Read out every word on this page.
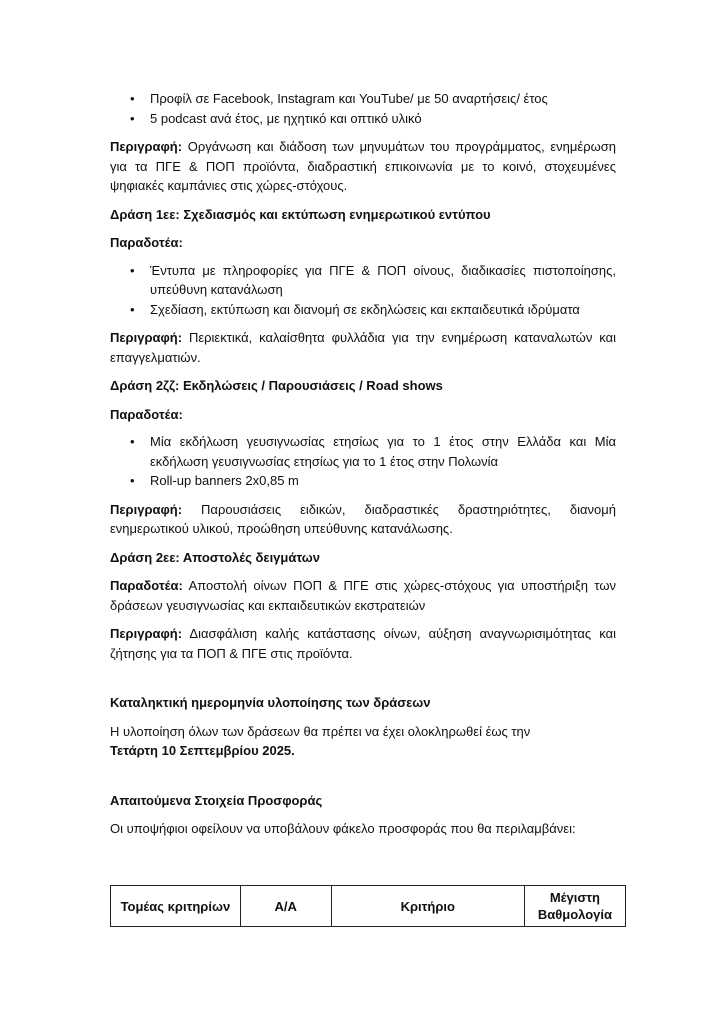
• Προφίλ σε Facebook, Instagram και YouTube/ με 50 αναρτήσεις/ έτος
• 5 podcast ανά έτος, με ηχητικό και οπτικό υλικό

Περιγραφή: Οργάνωση και διάδοση των μηνυμάτων του προγράμματος, ενημέρωση για τα ΠΓΕ & ΠΟΠ προϊόντα, διαδραστική επικοινωνία με το κοινό, στοχευμένες ψηφιακές καμπάνιες στις χώρες-στόχους.

Δράση 1εε: Σχεδιασμός και εκτύπωση ενημερωτικού εντύπου

Παραδοτέα:

• Έντυπα με πληροφορίες για ΠΓΕ & ΠΟΠ οίνους, διαδικασίες πιστοποίησης, υπεύθυνη κατανάλωση
• Σχεδίαση, εκτύπωση και διανομή σε εκδηλώσεις και εκπαιδευτικά ιδρύματα

Περιγραφή: Περιεκτικά, καλαίσθητα φυλλάδια για την ενημέρωση καταναλωτών και επαγγελματιών.

Δράση 2ζζ: Εκδηλώσεις / Παρουσιάσεις / Road shows

Παραδοτέα:

• Μία εκδήλωση γευσιγνωσίας ετησίως για το 1 έτος στην Ελλάδα και Μία εκδήλωση γευσιγνωσίας ετησίως για το 1 έτος στην Πολωνία
• Roll-up banners 2x0,85 m

Περιγραφή: Παρουσιάσεις ειδικών, διαδραστικές δραστηριότητες, διανομή ενημερωτικού υλικού, προώθηση υπεύθυνης κατανάλωσης.

Δράση 2εε: Αποστολές δειγμάτων

Παραδοτέα: Αποστολή οίνων ΠΟΠ & ΠΓΕ στις χώρες-στόχους για υποστήριξη των δράσεων γευσιγνωσίας και εκπαιδευτικών εκστρατειών

Περιγραφή: Διασφάλιση καλής κατάστασης οίνων, αύξηση αναγνωρισιμότητας και ζήτησης για τα ΠΟΠ & ΠΓΕ στις προϊόντα.

Καταληκτική ημερομηνία υλοποίησης των δράσεων

Η υλοποίηση όλων των δράσεων θα πρέπει να έχει ολοκληρωθεί έως την

Τετάρτη 10 Σεπτεμβρίου 2025.

Απαιτούμενα Στοιχεία Προσφοράς

Οι υποψήφιοι οφείλουν να υποβάλουν φάκελο προσφοράς που θα περιλαμβάνει:

Τομέας κριτηρίων	Α/Α	Κριτήριο	Μέγιστη Βαθμολογία
